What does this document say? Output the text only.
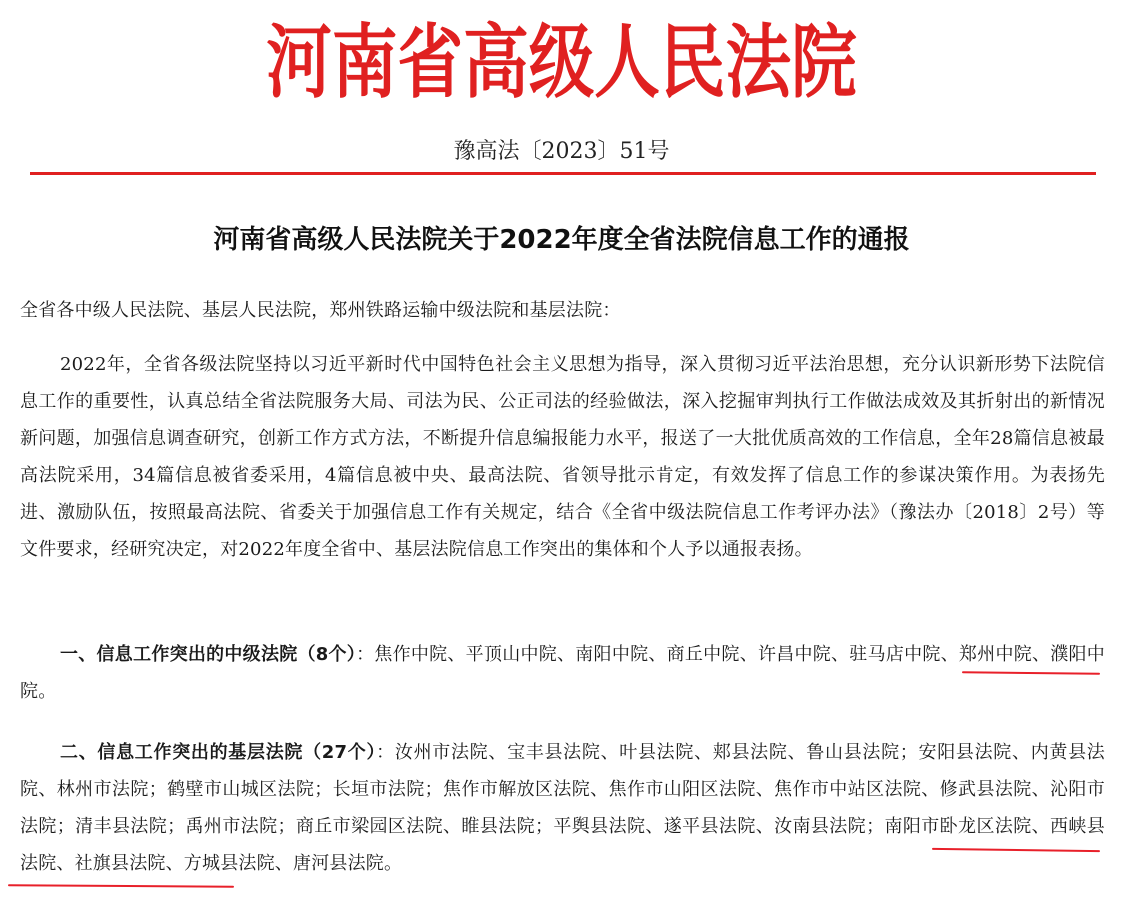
河南省高级人民法院
豫高法〔2023〕51号
河南省高级人民法院关于2022年度全省法院信息工作的通报
全省各中级人民法院、基层人民法院，郑州铁路运输中级法院和基层法院：
2022年，全省各级法院坚持以习近平新时代中国特色社会主义思想为指导，深入贯彻习近平法治思想，充分认识新形势下法院信息工作的重要性，认真总结全省法院服务大局、司法为民、公正司法的经验做法，深入挖掘审判执行工作做法成效及其折射出的新情况新问题，加强信息调查研究，创新工作方式方法，不断提升信息编报能力水平，报送了一大批优质高效的工作信息，全年28篇信息被最高法院采用，34篇信息被省委采用，4篇信息被中央、最高法院、省领导批示肯定，有效发挥了信息工作的参谋决策作用。为表扬先进、激励队伍，按照最高法院、省委关于加强信息工作有关规定，结合《全省中级法院信息工作考评办法》（豫法办〔2018〕2号）等文件要求，经研究决定，对2022年度全省中、基层法院信息工作突出的集体和个人予以通报表扬。
一、信息工作突出的中级法院（8个）：焦作中院、平顶山中院、南阳中院、商丘中院、许昌中院、驻马店中院、郑州中院、濮阳中院。
二、信息工作突出的基层法院（27个）：汝州市法院、宝丰县法院、叶县法院、郏县法院、鲁山县法院；安阳县法院、内黄县法院、林州市法院；鹤壁市山城区法院；长垣市法院；焦作市解放区法院、焦作市山阳区法院、焦作市中站区法院、修武县法院、沁阳市法院；清丰县法院；禹州市法院；商丘市梁园区法院、睢县法院；平舆县法院、遂平县法院、汝南县法院；南阳市卧龙区法院、西峡县法院、社旗县法院、方城县法院、唐河县法院。
